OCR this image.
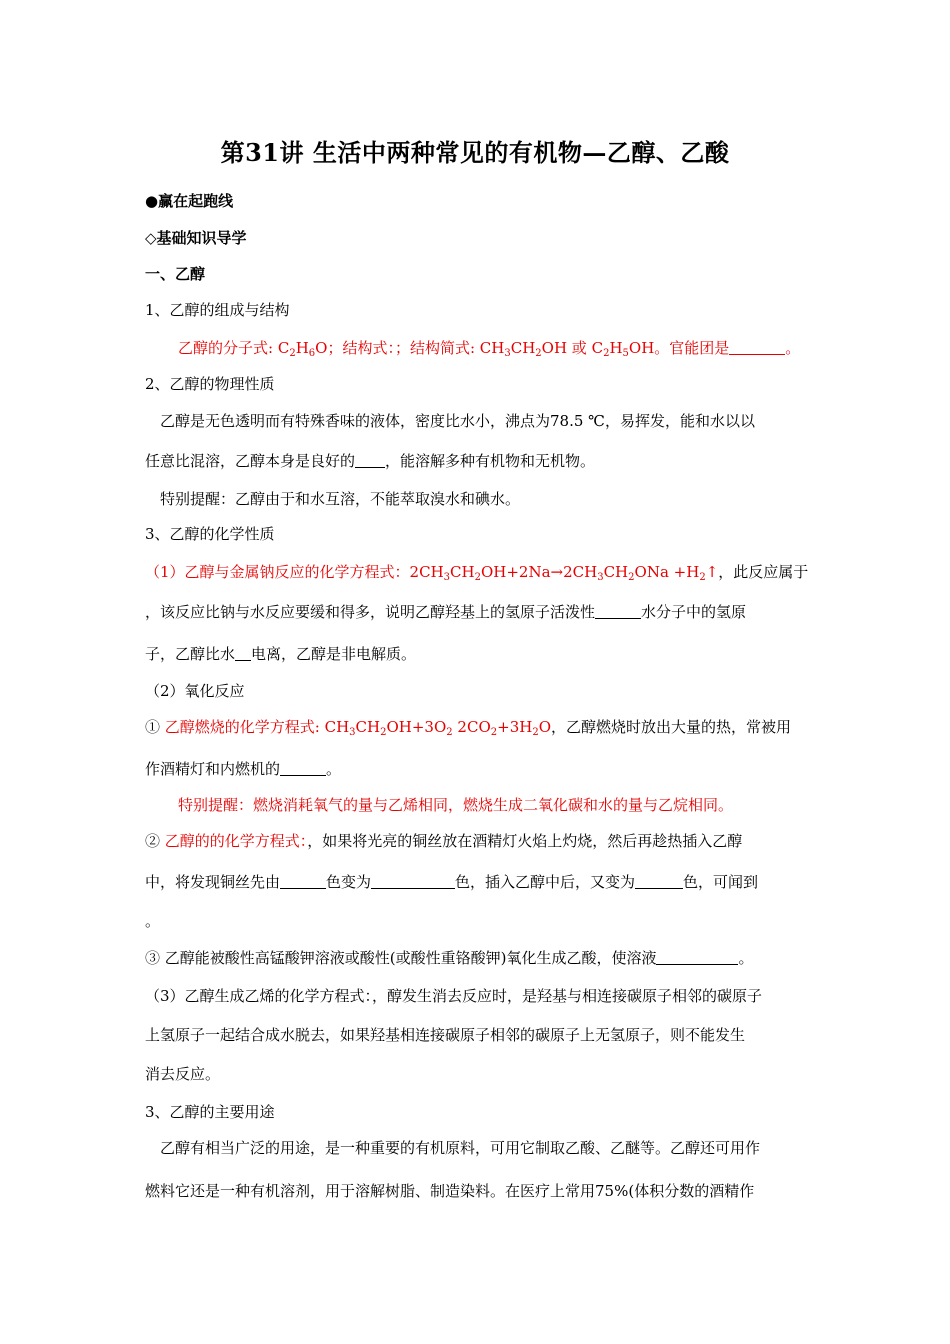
第31讲 生活中两种常见的有机物—乙醇、乙酸
●赢在起跑线
◇基础知识导学
一、乙醇
1、乙醇的组成与结构
乙醇的分子式: $C_2H_6O$；结构式：；结构简式: $CH_3CH_2OH$ 或 $C_2H_5OH$。官能团是	。
2、乙醇的物理性质
乙醇是无色透明而有特殊香味的液体，密度比水小，沸点为78.5 ℃，易挥发，能和水以以
任意比混溶，乙醇本身是良好的 ，能溶解多种有机物和无机物。
特别提醒：乙醇由于和水互溶，不能萃取溴水和碘水。
3、乙醇的化学性质
（1）乙醇与金属钠反应的化学方程式：$2CH_3CH_2OH+2Na\to 2CH_3CH_2ONa$ $+H_2↑$，此反应属于
，该反应比钠与水反应要缓和得多，说明乙醇羟基上的氢原子活泼性	水分子中的氢原
子，乙醇比水 电离，乙醇是非电解质。
（2）氧化反应
① 乙醇燃烧的化学方程式: $CH_3CH_2OH+3O_2$ $2CO_2+3H_2O$，乙醇燃烧时放出大量的热，常被用
作酒精灯和内燃机的	。
特别提醒：燃烧消耗氧气的量与乙烯相同，燃烧生成二氧化碳和水的量与乙烷相同。
② 乙醇的的化学方程式：，如果将光亮的铜丝放在酒精灯火焰上灼烧，然后再趁热插入乙醇
中，将发现铜丝先由	色变为	色，插入乙醇中后，又变为	色，可闻到
。
③ 乙醇能被酸性高锰酸钾溶液或酸性(或酸性重铬酸钾)氧化生成乙酸，使溶液	。
（3）乙醇生成乙烯的化学方程式：，醇发生消去反应时，是羟基与相连接碳原子相邻的碳原子
上氢原子一起结合成水脱去，如果羟基相连接碳原子相邻的碳原子上无氢原子，则不能发生
消去反应。
3、乙醇的主要用途
乙醇有相当广泛的用途，是一种重要的有机原料，可用它制取乙酸、乙醚等。乙醇还可用作
燃料它还是一种有机溶剂，用于溶解树脂、制造染料。在医疗上常用75%(体积分数的酒精作
